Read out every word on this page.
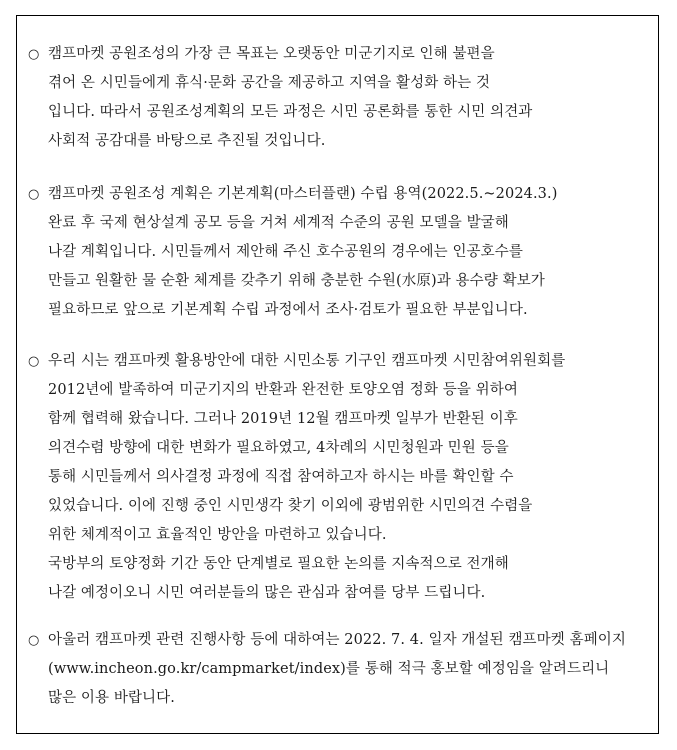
○ 캠프마켓 공원조성의 가장 큰 목표는 오랫동안 미군기지로 인해 불편을
겪어 온 시민들에게 휴식·문화 공간을 제공하고 지역을 활성화 하는 것
입니다. 따라서 공원조성계획의 모든 과정은 시민 공론화를 통한 시민 의견과
사회적 공감대를 바탕으로 추진될 것입니다.
○ 캠프마켓 공원조성 계획은 기본계획(마스터플랜) 수립 용역(2022.5.~2024.3.)
완료 후 국제 현상설계 공모 등을 거쳐 세계적 수준의 공원 모델을 발굴해
나갈 계획입니다. 시민들께서 제안해 주신 호수공원의 경우에는 인공호수를
만들고 원활한 물 순환 체계를 갖추기 위해 충분한 수원(水原)과 용수량 확보가
필요하므로 앞으로 기본계획 수립 과정에서 조사·검토가 필요한 부분입니다.
○ 우리 시는 캠프마켓 활용방안에 대한 시민소통 기구인 캠프마켓 시민참여위원회를
2012년에 발족하여 미군기지의 반환과 완전한 토양오염 정화 등을 위하여
함께 협력해 왔습니다. 그러나 2019년 12월 캠프마켓 일부가 반환된 이후
의견수렴 방향에 대한 변화가 필요하였고, 4차례의 시민청원과 민원 등을
통해 시민들께서 의사결정 과정에 직접 참여하고자 하시는 바를 확인할 수
있었습니다. 이에 진행 중인 시민생각 찾기 이외에 광범위한 시민의견 수렴을
위한 체계적이고 효율적인 방안을 마련하고 있습니다.
국방부의 토양정화 기간 동안 단계별로 필요한 논의를 지속적으로 전개해
나갈 예정이오니 시민 여러분들의 많은 관심과 참여를 당부 드립니다.
○ 아울러 캠프마켓 관련 진행사항 등에 대하여는 2022. 7. 4. 일자 개설된 캠프마켓 홈페이지
(www.incheon.go.kr/campmarket/index)를 통해 적극 홍보할 예정임을 알려드리니
많은 이용 바랍니다.
